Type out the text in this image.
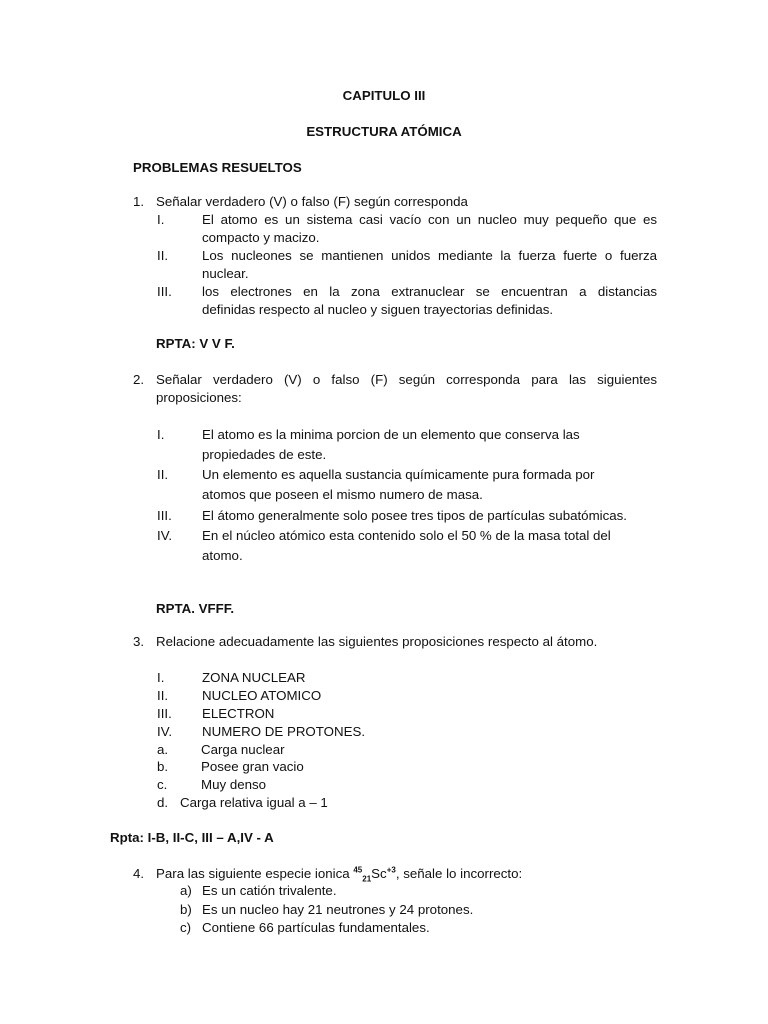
CAPITULO III
ESTRUCTURA ATÓMICA
PROBLEMAS RESUELTOS
1. Señalar verdadero (V) o falso (F) según corresponda
I.	El atomo es un sistema casi vacío con un nucleo muy pequeño que es
compacto y macizo.
II.	Los nucleones se mantienen unidos mediante la fuerza fuerte o fuerza
nuclear.
III. los electrones en la zona extranuclear se encuentran a distancias
definidas respecto al nucleo y siguen trayectorias definidas.
RPTA: V V F.
2. Señalar verdadero (V) o falso (F) según corresponda para las siguientes
proposiciones:
I.	El atomo es la minima porcion de un elemento que conserva las
propiedades de este.
II.	Un elemento es aquella sustancia químicamente pura formada por
atomos que poseen el mismo numero de masa.
III. El átomo generalmente solo posee tres tipos de partículas subatómicas.
IV. En el núcleo atómico esta contenido solo el 50 % de la masa total del
atomo.
RPTA. VFFF.
3. Relacione adecuadamente las siguientes proposiciones respecto al átomo.
I.	ZONA NUCLEAR
II.	NUCLEO ATOMICO
III. ELECTRON
IV. NUMERO DE PROTONES.
a. Carga nuclear
b. Posee gran vacio
c.	Muy denso
d. Carga relativa igual a – 1
Rpta: I-B, II-C, III – A,IV - A
4. Para las siguiente especie ionica $^{45}_{21}Sc^{+3}$, señale lo incorrecto:
a) Es un catión trivalente.
b) Es un nucleo hay 21 neutrones y 24 protones.
c) Contiene 66 partículas fundamentales.
